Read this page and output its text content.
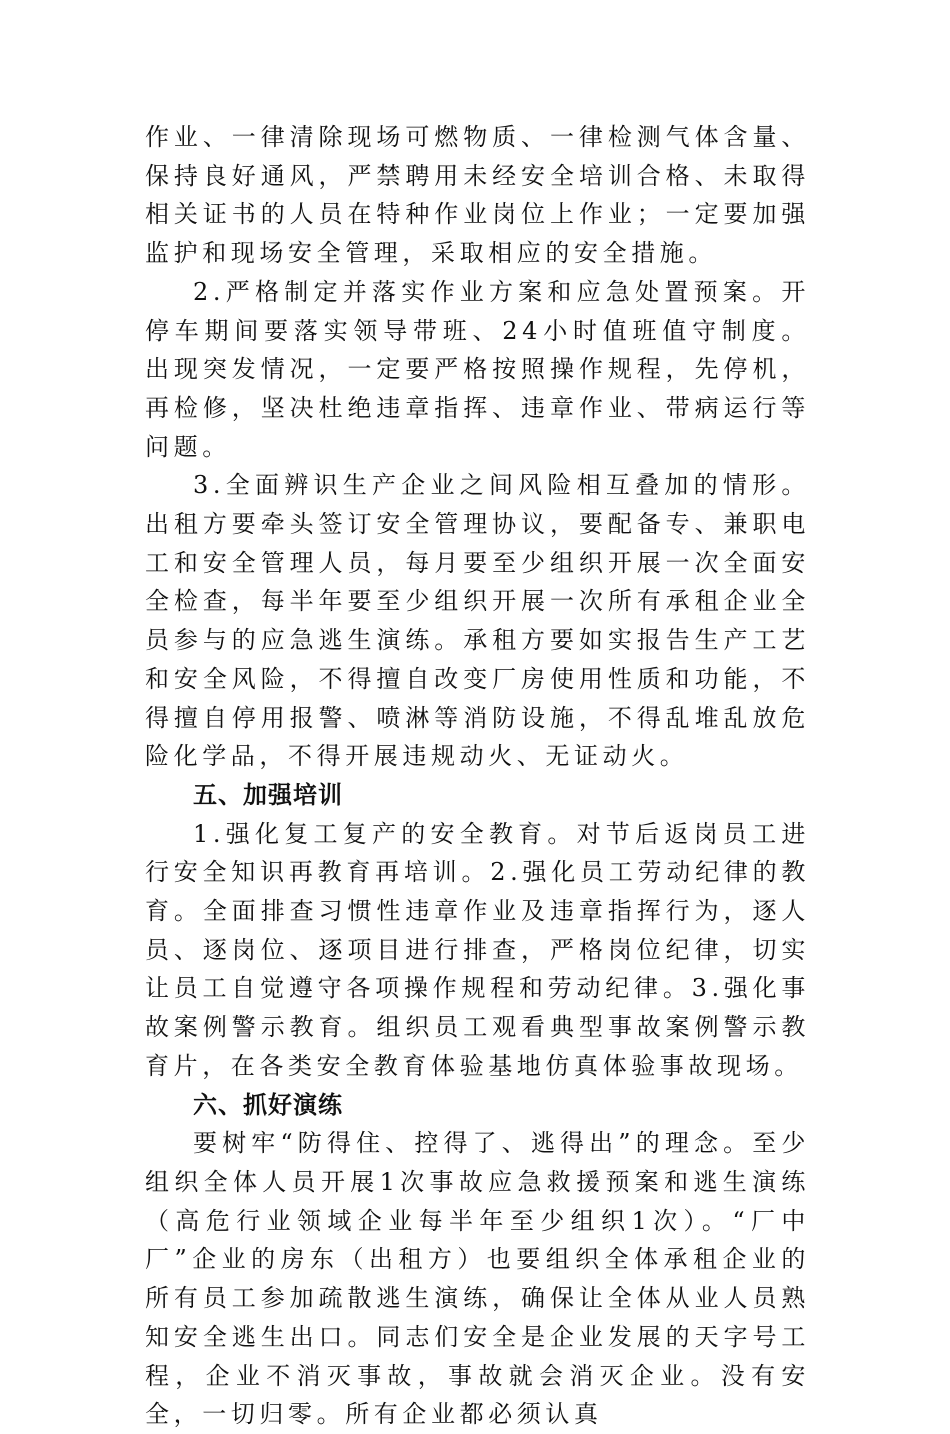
作业、一律清除现场可燃物质、一律检测气体含量、保持良好通风，严禁聘用未经安全培训合格、未取得相关证书的人员在特种作业岗位上作业；一定要加强监护和现场安全管理，采取相应的安全措施。

2.严格制定并落实作业方案和应急处置预案。开停车期间要落实领导带班、24小时值班值守制度。出现突发情况，一定要严格按照操作规程，先停机，再检修，坚决杜绝违章指挥、违章作业、带病运行等问题。

3.全面辨识生产企业之间风险相互叠加的情形。出租方要牵头签订安全管理协议，要配备专、兼职电工和安全管理人员，每月要至少组织开展一次全面安全检查，每半年要至少组织开展一次所有承租企业全员参与的应急逃生演练。承租方要如实报告生产工艺和安全风险，不得擅自改变厂房使用性质和功能，不得擅自停用报警、喷淋等消防设施，不得乱堆乱放危险化学品，不得开展违规动火、无证动火。

五、加强培训

1.强化复工复产的安全教育。对节后返岗员工进行安全知识再教育再培训。2.强化员工劳动纪律的教育。全面排查习惯性违章作业及违章指挥行为，逐人员、逐岗位、逐项目进行排查，严格岗位纪律，切实让员工自觉遵守各项操作规程和劳动纪律。3.强化事故案例警示教育。组织员工观看典型事故案例警示教育片，在各类安全教育体验基地仿真体验事故现场。

六、抓好演练

要树牢“防得住、控得了、逃得出”的理念。至少组织全体人员开展1次事故应急救援预案和逃生演练（高危行业领域企业每半年至少组织1次）。“厂中厂”企业的房东（出租方）也要组织全体承租企业的所有员工参加疏散逃生演练，确保让全体从业人员熟知安全逃生出口。同志们安全是企业发展的天字号工程，企业不消灭事故，事故就会消灭企业。没有安全，一切归零。所有企业都必须认真
